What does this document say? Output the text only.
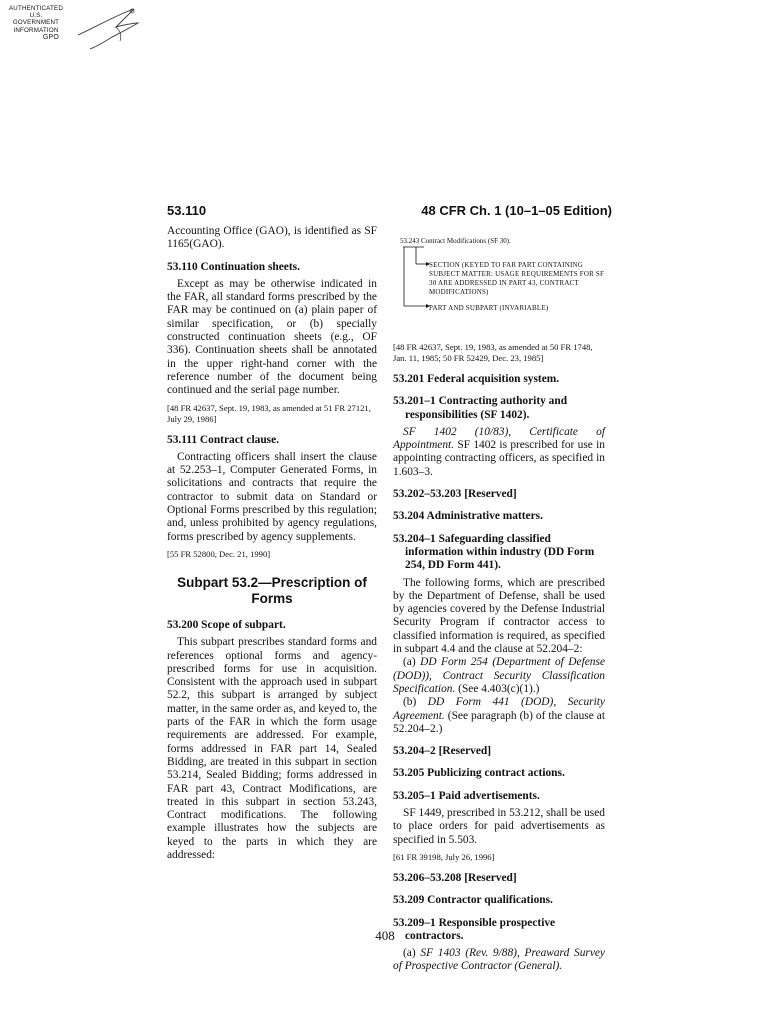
AUTHENTICATED
U.S. GOVERNMENT
INFORMATION
GPO
53.110	48 CFR Ch. 1 (10–1–05 Edition)

Accounting Office (GAO), is identified as SF 1165(GAO).

53.110 Continuation sheets.

Except as may be otherwise indicated in the FAR, all standard forms prescribed by the FAR may be continued on (a) plain paper of similar specification, or (b) specially constructed continuation sheets (e.g., OF 336). Continuation sheets shall be annotated in the upper right-hand corner with the reference number of the document being continued and the serial page number.

[48 FR 42637, Sept. 19, 1983, as amended at 51 FR 27121, July 29, 1986]
53.111 Contract clause.

Contracting officers shall insert the clause at 52.253–1, Computer Generated Forms, in solicitations and contracts that require the contractor to submit data on Standard or Optional Forms prescribed by this regulation; and, unless prohibited by agency regulations, forms prescribed by agency supplements.

[55 FR 52800, Dec. 21, 1990]
Subpart 53.2—Prescription of Forms
53.200 Scope of subpart.

This subpart prescribes standard forms and references optional forms and agency-prescribed forms for use in acquisition. Consistent with the approach used in subpart 52.2, this subpart is arranged by subject matter, in the same order as, and keyed to, the parts of the FAR in which the form usage requirements are addressed. For example, forms addressed in FAR part 14, Sealed Bidding, are treated in this subpart in section 53.214, Sealed Bidding; forms addressed in FAR part 43, Contract Modifications, are treated in this subpart in section 53.243, Contract modifications. The following example illustrates how the subjects are keyed to the parts in which they are addressed:

53.243 Contract Modifications (SF 30).
SECTION (KEYED TO FAR PART CONTAINING SUBJECT MATTER: USAGE REQUIREMENTS FOR SF 30 ARE ADDRESSED IN PART 43, CONTRACT MODIFICATIONS)
PART AND SUBPART (INVARIABLE)
[48 FR 42637, Sept. 19, 1983, as amended at 50 FR 1748, Jan. 11, 1985; 50 FR 52429, Dec. 23, 1985]
53.201 Federal acquisition system.
53.201–1 Contracting authority and responsibilities (SF 1402).

SF 1402 (10/83), Certificate of Appointment. SF 1402 is prescribed for use in appointing contracting officers, as specified in 1.603–3.

53.202–53.203 [Reserved]
53.204 Administrative matters.
53.204–1 Safeguarding classified information within industry (DD Form 254, DD Form 441).

The following forms, which are prescribed by the Department of Defense, shall be used by agencies covered by the Defense Industrial Security Program if contractor access to classified information is required, as specified in subpart 4.4 and the clause at 52.204–2:

(a) DD Form 254 (Department of Defense (DOD)), Contract Security Classification Specification. (See 4.403(c)(1).)

(b) DD Form 441 (DOD), Security Agreement. (See paragraph (b) of the clause at 52.204–2.)

53.204–2 [Reserved]
53.205 Publicizing contract actions.
53.205–1 Paid advertisements.

SF 1449, prescribed in 53.212, shall be used to place orders for paid advertisements as specified in 5.503.

[61 FR 39198, July 26, 1996]
53.206–53.208 [Reserved]
53.209 Contractor qualifications.
53.209–1 Responsible prospective contractors.

(a) SF 1403 (Rev. 9/88), Preaward Survey of Prospective Contractor (General).

408
